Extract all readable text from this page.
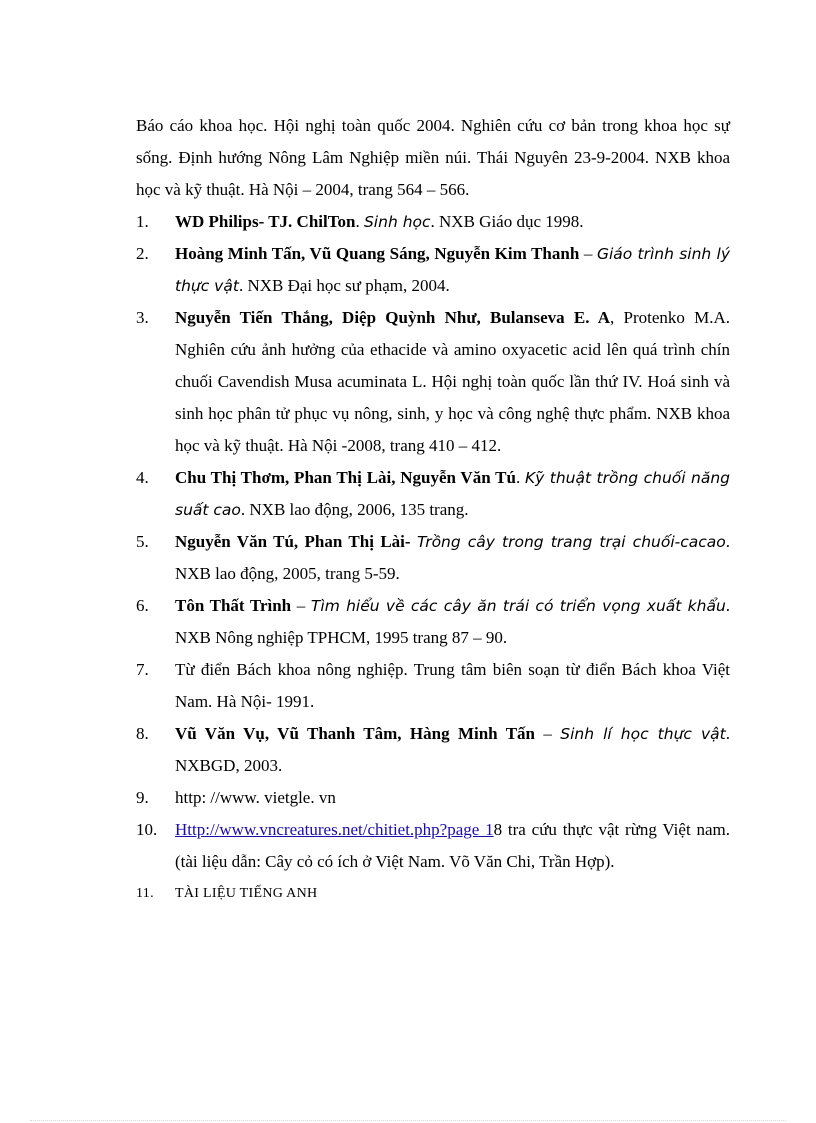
Báo cáo khoa học. Hội nghị toàn quốc 2004. Nghiên cứu cơ bản trong khoa học sự sống. Định hướng Nông Lâm Nghiệp miền núi. Thái Nguyên 23-9-2004. NXB khoa học và kỹ thuật. Hà Nội – 2004, trang 564 – 566.
1.	WD Philips- TJ. ChilTon. Sinh học. NXB Giáo dục 1998.
2.	Hoàng Minh Tấn, Vũ Quang Sáng, Nguyễn Kim Thanh – Giáo trình sinh lý thực vật. NXB Đại học sư phạm, 2004.
3.	Nguyễn Tiến Thắng, Diệp Quỳnh Như, Bulanseva E. A, Protenko M.A. Nghiên cứu ảnh hưởng của ethacide và amino oxyacetic acid lên quá trình chín chuối Cavendish Musa acuminata L. Hội nghị toàn quốc lần thứ IV. Hoá sinh và sinh học phân tử phục vụ nông, sinh, y học và công nghệ thực phẩm. NXB khoa học và kỹ thuật. Hà Nội -2008, trang 410 – 412.
4.	Chu Thị Thơm, Phan Thị Lài, Nguyễn Văn Tú. Kỹ thuật trồng chuối năng suất cao. NXB lao động, 2006, 135 trang.
5.	Nguyễn Văn Tú, Phan Thị Lài- Trồng cây trong trang trại chuối-cacao. NXB lao động, 2005, trang 5-59.
6.	Tôn Thất Trình – Tìm hiểu về các cây ăn trái có triển vọng xuất khẩu. NXB Nông nghiệp TPHCM, 1995 trang 87 – 90.
7.	Từ điển Bách khoa nông nghiệp. Trung tâm biên soạn từ điển Bách khoa Việt Nam. Hà Nội- 1991.
8.	Vũ Văn Vụ, Vũ Thanh Tâm, Hàng Minh Tấn – Sinh lí học thực vật. NXBGD, 2003.
9.	http: //www. vietgle. vn
10.	Http://www.vncreatures.net/chitiet.php?page 18 tra cứu thực vật rừng Việt nam. (tài liệu dẫn: Cây cỏ có ích ở Việt Nam. Võ Văn Chi, Trần Hợp).
11.	TÀI LIỆU TIẾNG ANH
